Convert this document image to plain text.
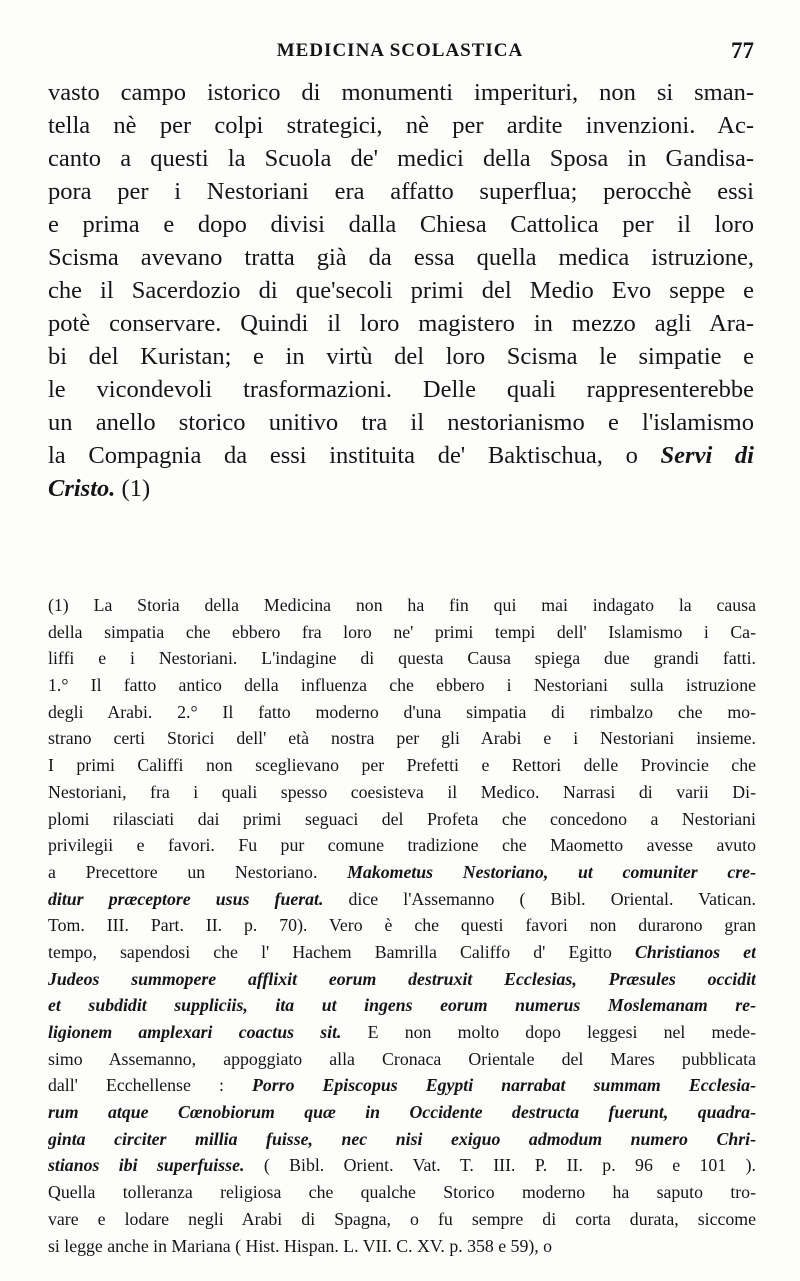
MEDICINA SCOLASTICA	77
vasto campo istorico di monumenti imperituri, non si sman-
tella nè per colpi strategici, nè per ardite invenzioni. Ac-
canto a questi la Scuola de' medici della Sposa in Gandisa-
pora per i Nestoriani era affatto superflua; perocchè essi
e prima e dopo divisi dalla Chiesa Cattolica per il loro
Scisma avevano tratta già da essa quella medica istruzione,
che il Sacerdozio di que'secoli primi del Medio Evo seppe e
potè conservare. Quindi il loro magistero in mezzo agli Ara-
bi del Kuristan; e in virtù del loro Scisma le simpatie e
le vicondevoli trasformazioni. Delle quali rappresenterebbe
un anello storico unitivo tra il nestorianismo e l'islamismo
la Compagnia da essi instituita de' Baktischua, o Servi di
Cristo. (1)
(1) La Storia della Medicina non ha fin qui mai indagato la causa
della simpatia che ebbero fra loro ne' primi tempi dell' Islamismo i Ca-
liffi e i Nestoriani. L'indagine di questa Causa spiega due grandi fatti.
1.° Il fatto antico della influenza che ebbero i Nestoriani sulla istruzione
degli Arabi. 2.° Il fatto moderno d'una simpatia di rimbalzo che mo-
strano certi Storici dell' età nostra per gli Arabi e i Nestoriani insieme.
I primi Califfi non sceglievano per Prefetti e Rettori delle Provincie che
Nestoriani, fra i quali spesso coesisteva il Medico. Narrasi di varii Di-
plomi rilasciati dai primi seguaci del Profeta che concedono a Nestoriani
privilegii e favori. Fu pur comune tradizione che Maometto avesse avuto
a Precettore un Nestoriano. Makometus Nestoriano, ut comuniter cre-
ditur præceptore usus fuerat. dice l'Assemanno ( Bibl. Oriental. Vatican.
Tom. III. Part. II. p. 70). Vero è che questi favori non durarono gran
tempo, sapendosi che l' Hachem Bamrilla Califfo d' Egitto Christianos et
Judeos summopere afflixit eorum destruxit Ecclesias, Præsules occidit
et subdidit suppliciis, ita ut ingens eorum numerus Moslemanam re-
ligionem amplexari coactus sit. E non molto dopo leggesi nel mede-
simo Assemanno, appoggiato alla Cronaca Orientale del Mares pubblicata
dall' Ecchellense : Porro Episcopus Egypti narrabat summam Ecclesia-
rum atque Cœnobiorum quæ in Occidente destructa fuerunt, quadra-
ginta circiter millia fuisse, nec nisi exiguo admodum numero Chri-
stianos ibi superfuisse. ( Bibl. Orient. Vat. T. III. P. II. p. 96 e 101 ).
Quella tolleranza religiosa che qualche Storico moderno ha saputo tro-
vare e lodare negli Arabi di Spagna, o fu sempre di corta durata, siccome
si legge anche in Mariana ( Hist. Hispan. L. VII. C. XV. p. 358 e 59), o
